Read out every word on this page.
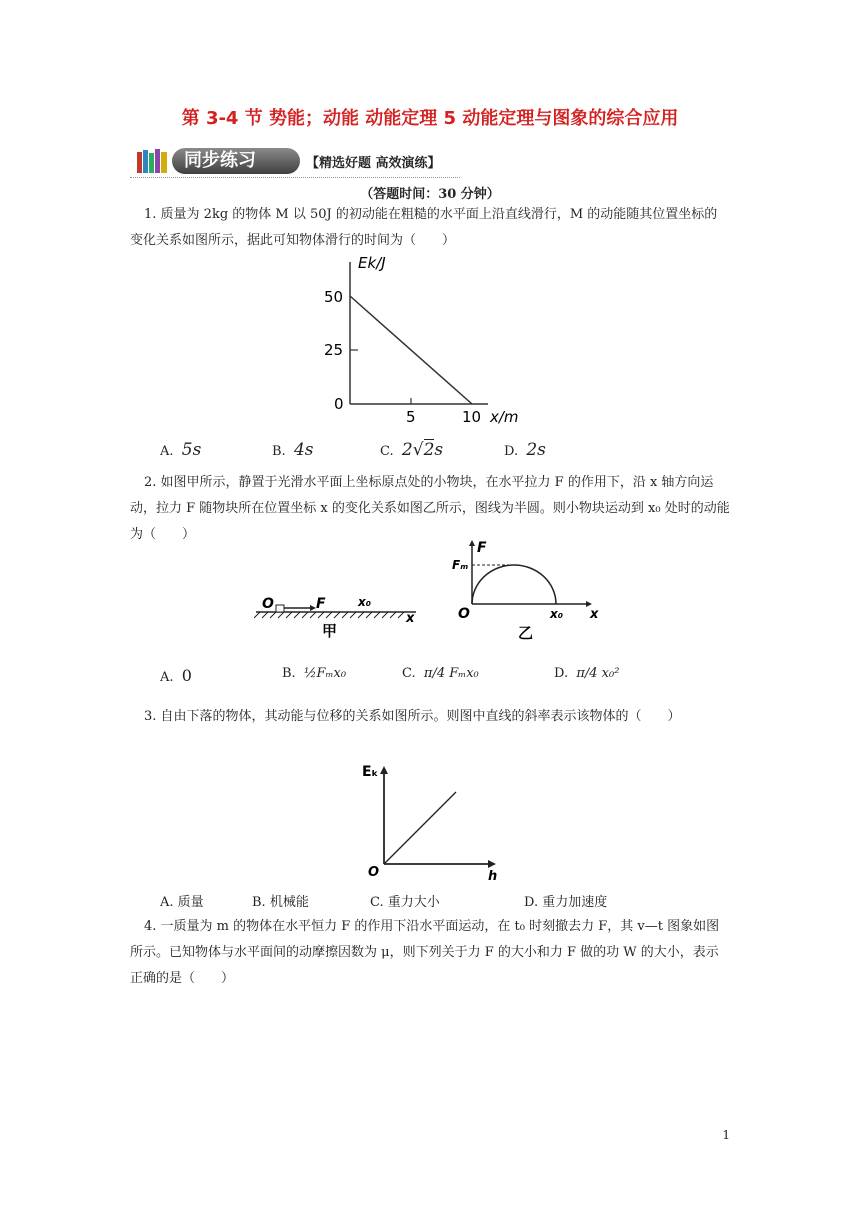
第 3-4 节 势能；动能 动能定理 5 动能定理与图象的综合应用
同步练习	【精选好题 高效演练】
（答题时间：30 分钟）
1. 质量为 2kg 的物体 M 以 50J 的初动能在粗糙的水平面上沿直线滑行，M 的动能随其位置坐标的变化关系如图所示，据此可知物体滑行的时间为（　　）
Ek/J
50
25
0
5	10 x/m
A. 5s	B. 4s	C. 2√2s	D. 2s
2. 如图甲所示，静置于光滑水平面上坐标原点处的小物块，在水平拉力 F 的作用下，沿 x 轴方向运动，拉力 F 随物块所在位置坐标 x 的变化关系如图乙所示，图线为半圆。则小物块运动到 x₀ 处时的动能为（　　）
O	F	x₀
x
甲
F
Fₘ
O	x₀ x
乙
A. 0	B. ½Fₘx₀	C. π/4 Fₘx₀	D. π/4 x₀²
3. 自由下落的物体，其动能与位移的关系如图所示。则图中直线的斜率表示该物体的（　　）
Eₖ
O	h
A. 质量	B. 机械能	C. 重力大小	D. 重力加速度
4. 一质量为 m 的物体在水平恒力 F 的作用下沿水平面运动，在 t₀ 时刻撤去力 F，其 v—t 图象如图所示。已知物体与水平面间的动摩擦因数为 μ，则下列关于力 F 的大小和力 F 做的功 W 的大小，表示正确的是（　　）
1
